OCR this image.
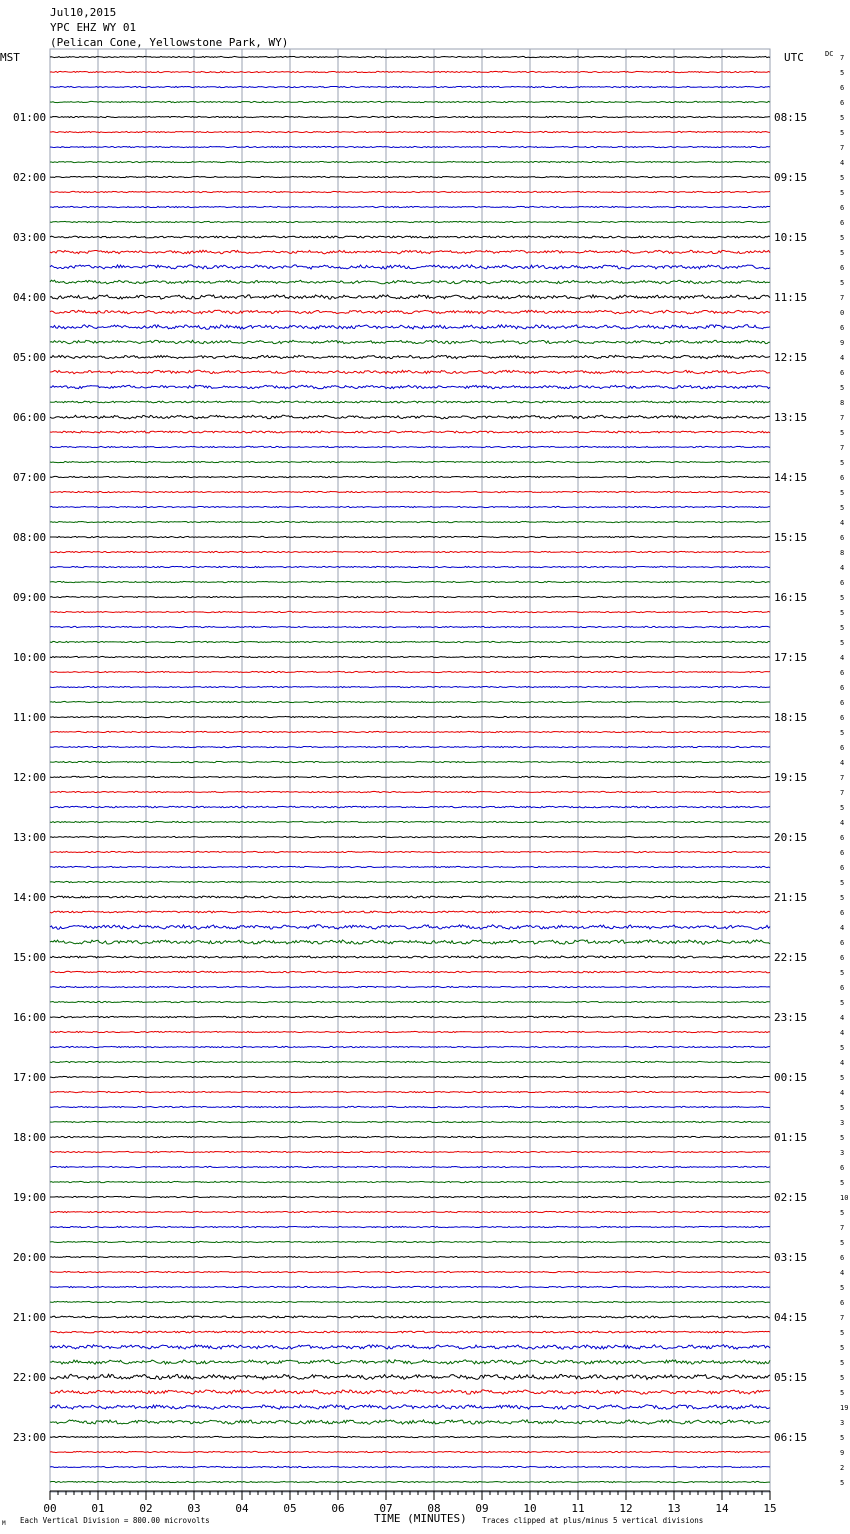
Jul10,2015
YPC EHZ WY 01
(Pelican Cone, Yellowstone Park, WY)
00	01	02	03	04	05	06	07	08	09	10	11	12	13	14	15
7
5
6
6
5
5
7
4
5
5
6
6
5
5
6
5
7
0
6
9
4
6
5
8
7
5
7
5
6
5
5
4
6
8
4
6
5
5
5
5
4
6
6
6
6
5
6
4
7
7
5
4
6
6
6
5
5
6
4
6
6
5
6
5
4
4
5
4
5
4
5
3
5
3
6
5
10
5
7
5
6
4
5
6
7
5
5
5
5
5
19
3
5
9
2
5
01:00
02:00
03:00
04:00
05:00
06:00
07:00
08:00
09:00
10:00
11:00
12:00
13:00
14:00
15:00
16:00
17:00
18:00
19:00
20:00
21:00
22:00
23:00
08:15
09:15
10:15
11:15
12:15
13:15
14:15
15:15
16:15
17:15
18:15
19:15
20:15
21:15
22:15
23:15
00:15
01:15
02:15
03:15
04:15
05:15
06:15
MST	UTC	DC
TIME (MINUTES)
Each Vertical Division = 800.00 microvolts	Traces clipped at plus/minus 5 vertical divisions
M
